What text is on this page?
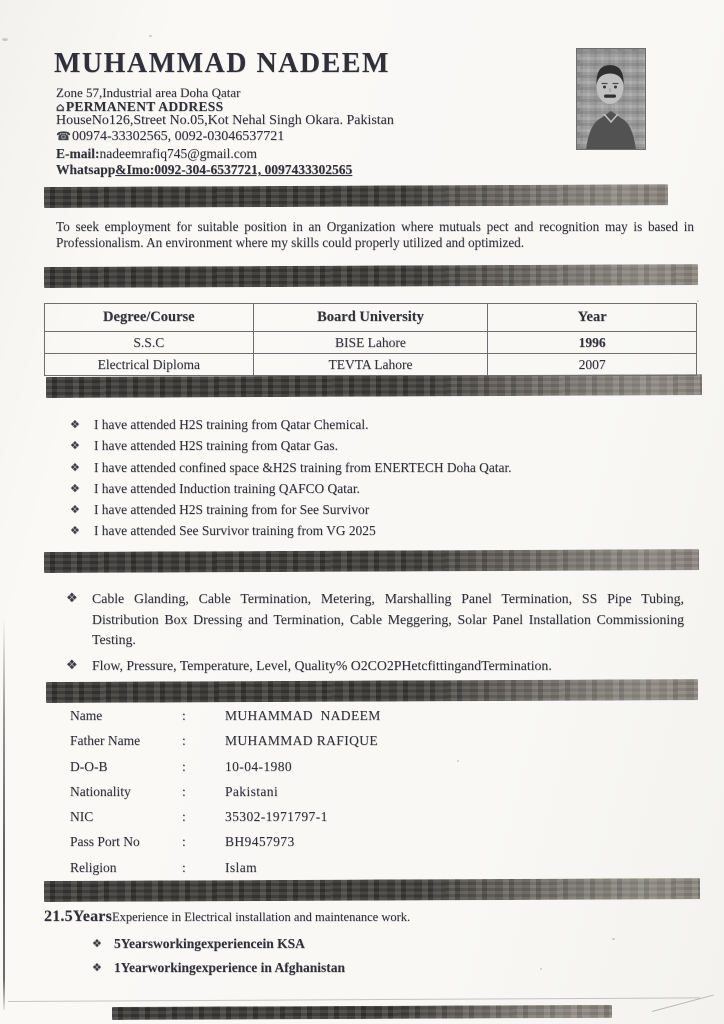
MUHAMMAD NADEEM
Zone 57,Industrial area Doha Qatar
⌂PERMANENT ADDRESS
HouseNo126,Street No.05,Kot Nehal Singh Okara. Pakistan
☎00974-33302565, 0092-03046537721
E-mail:nadeemrafiq745@gmail.com
Whatsapp&Imo:0092-304-6537721, 0097433302565
To seek employment for suitable position in an Organization where mutuals pect and recognition may is based in Professionalism. An environment where my skills could properly utilized and optimized.
Degree/Course	Board University	Year
S.S.C	BISE Lahore	1996
Electrical Diploma	TEVTA Lahore	2007
❖	I have attended H2S training from Qatar Chemical.
❖	I have attended H2S training from Qatar Gas.
❖	I have attended confined space &H2S training from ENERTECH Doha Qatar.
❖	I have attended Induction training QAFCO Qatar.
❖	I have attended H2S training from for See Survivor
❖	I have attended See Survivor training from VG 2025
❖	Cable Glanding, Cable Termination, Metering, Marshalling Panel Termination, SS Pipe Tubing, Distribution Box Dressing and Termination, Cable Meggering, Solar Panel Installation Commissioning Testing.
❖	Flow, Pressure, Temperature, Level, Quality% O2CO2PHetcfittingandTermination.
Name	:	MUHAMMAD  NADEEM
Father Name	:	MUHAMMAD RAFIQUE
D-O-B	:	10-04-1980
Nationality	:	Pakistani
NIC	:	35302-1971797-1
Pass Port No	:	BH9457973
Religion	:	Islam
21.5YearsExperience in Electrical installation and maintenance work.
❖ 5Yearsworkingexperiencein KSA
❖ 1Yearworkingexperience in Afghanistan
